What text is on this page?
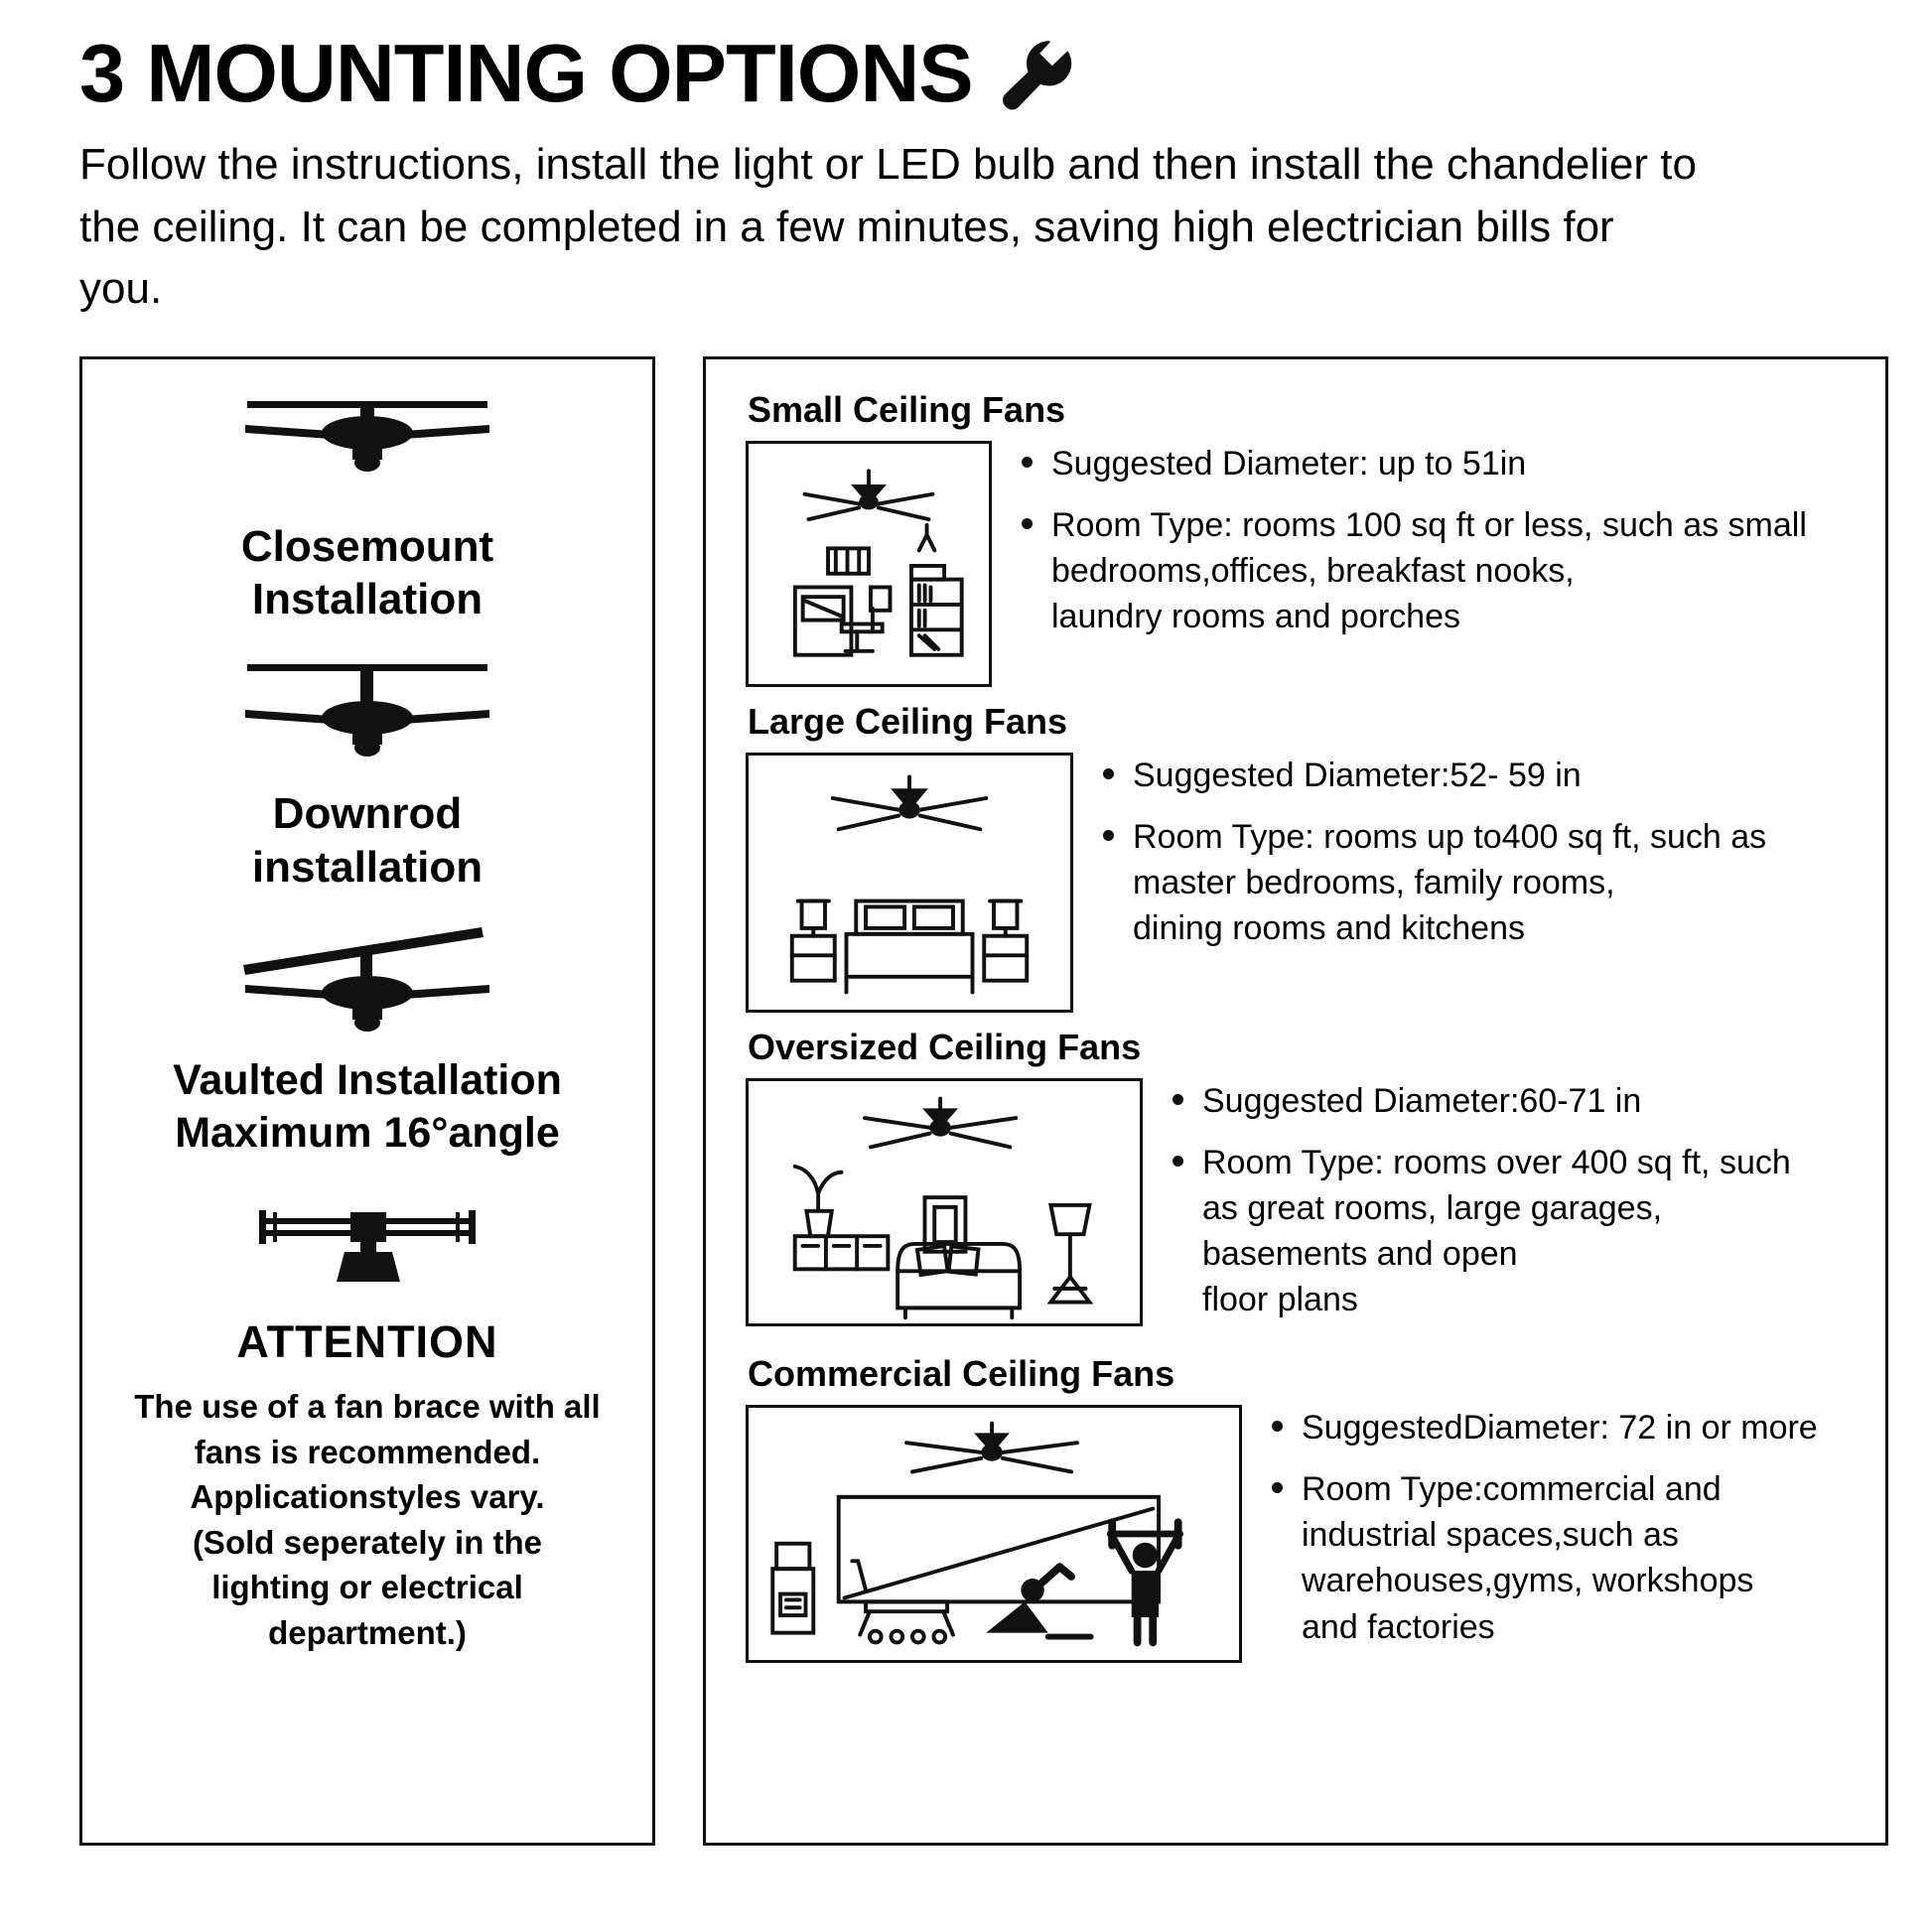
3 MOUNTING OPTIONS

Follow the instructions, install the light or LED bulb and then install the chandelier to the ceiling. It can be completed in a few minutes, saving high electrician bills for you.

Closemount
Installation
Downrod
installation
Vaulted Installation
Maximum 16°angle
ATTENTION
The use of a fan brace with all
fans is recommended.
Applicationstyles vary.
(Sold seperately in the
lighting or electrical
department.)
Small Ceiling Fans
Suggested Diameter: up to 51in
Room Type: rooms 100 sq ft or less, such as small
bedrooms,offices, breakfast nooks,
laundry rooms and porches
Large Ceiling Fans
Suggested Diameter:52- 59 in
Room Type: rooms up to400 sq ft, such as
master bedrooms, family rooms,
dining rooms and kitchens
Oversized Ceiling Fans
Suggested Diameter:60-71 in
Room Type: rooms over 400 sq ft, such
as great rooms, large garages,
basements and open
floor plans
Commercial Ceiling Fans
SuggestedDiameter: 72 in or more
Room Type:commercial and
industrial spaces,such as
warehouses,gyms, workshops
and factories
